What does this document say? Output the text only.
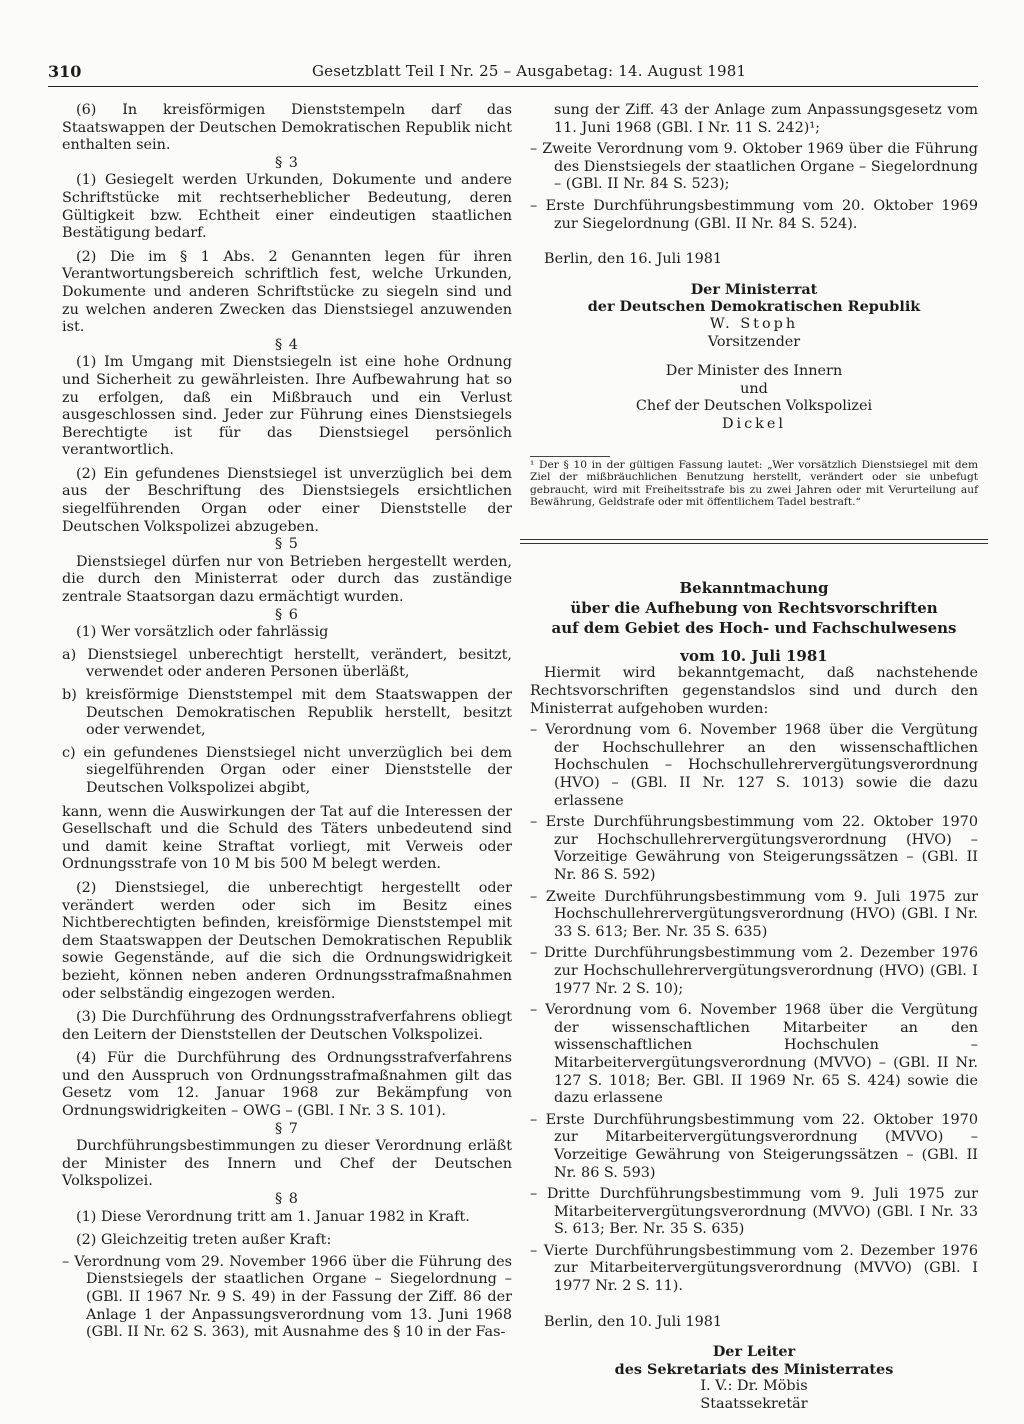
310	Gesetzblatt Teil I Nr. 25 – Ausgabetag: 14. August 1981

(6) In kreisförmigen Dienststempeln darf das Staatswappen der Deutschen Demokratischen Republik nicht enthalten sein.

§ 3

(1) Gesiegelt werden Urkunden, Dokumente und andere Schriftstücke mit rechtserheblicher Bedeutung, deren Gültigkeit bzw. Echtheit einer eindeutigen staatlichen Bestätigung bedarf.

(2) Die im § 1 Abs. 2 Genannten legen für ihren Verantwortungsbereich schriftlich fest, welche Urkunden, Dokumente und anderen Schriftstücke zu siegeln sind und zu welchen anderen Zwecken das Dienstsiegel anzuwenden ist.

§ 4

(1) Im Umgang mit Dienstsiegeln ist eine hohe Ordnung und Sicherheit zu gewährleisten. Ihre Aufbewahrung hat so zu erfolgen, daß ein Mißbrauch und ein Verlust ausgeschlossen sind. Jeder zur Führung eines Dienstsiegels Berechtigte ist für das Dienstsiegel persönlich verantwortlich.

(2) Ein gefundenes Dienstsiegel ist unverzüglich bei dem aus der Beschriftung des Dienstsiegels ersichtlichen siegelführenden Organ oder einer Dienststelle der Deutschen Volkspolizei abzugeben.

§ 5

Dienstsiegel dürfen nur von Betrieben hergestellt werden, die durch den Ministerrat oder durch das zuständige zentrale Staatsorgan dazu ermächtigt wurden.

§ 6

(1) Wer vorsätzlich oder fahrlässig

a) Dienstsiegel unberechtigt herstellt, verändert, besitzt, verwendet oder anderen Personen überläßt,

b) kreisförmige Dienststempel mit dem Staatswappen der Deutschen Demokratischen Republik herstellt, besitzt oder verwendet,

c) ein gefundenes Dienstsiegel nicht unverzüglich bei dem siegelführenden Organ oder einer Dienststelle der Deutschen Volkspolizei abgibt,

kann, wenn die Auswirkungen der Tat auf die Interessen der Gesellschaft und die Schuld des Täters unbedeutend sind und damit keine Straftat vorliegt, mit Verweis oder Ordnungsstrafe von 10 M bis 500 M belegt werden.

(2) Dienstsiegel, die unberechtigt hergestellt oder verändert werden oder sich im Besitz eines Nichtberechtigten befinden, kreisförmige Dienststempel mit dem Staatswappen der Deutschen Demokratischen Republik sowie Gegenstände, auf die sich die Ordnungswidrigkeit bezieht, können neben anderen Ordnungsstrafmaßnahmen oder selbständig eingezogen werden.

(3) Die Durchführung des Ordnungsstrafverfahrens obliegt den Leitern der Dienststellen der Deutschen Volkspolizei.

(4) Für die Durchführung des Ordnungsstrafverfahrens und den Ausspruch von Ordnungsstrafmaßnahmen gilt das Gesetz vom 12. Januar 1968 zur Bekämpfung von Ordnungswidrigkeiten – OWG – (GBl. I Nr. 3 S. 101).

§ 7

Durchführungsbestimmungen zu dieser Verordnung erläßt der Minister des Innern und Chef der Deutschen Volkspolizei.

§ 8

(1) Diese Verordnung tritt am 1. Januar 1982 in Kraft.

(2) Gleichzeitig treten außer Kraft:

– Verordnung vom 29. November 1966 über die Führung des Dienstsiegels der staatlichen Organe – Siegelordnung – (GBl. II 1967 Nr. 9 S. 49) in der Fassung der Ziff. 86 der Anlage 1 der Anpassungsverordnung vom 13. Juni 1968 (GBl. II Nr. 62 S. 363), mit Ausnahme des § 10 in der Fas-

sung der Ziff. 43 der Anlage zum Anpassungsgesetz vom 11. Juni 1968 (GBl. I Nr. 11 S. 242)¹;

– Zweite Verordnung vom 9. Oktober 1969 über die Führung des Dienstsiegels der staatlichen Organe – Siegelordnung – (GBl. II Nr. 84 S. 523);

– Erste Durchführungsbestimmung vom 20. Oktober 1969 zur Siegelordnung (GBl. II Nr. 84 S. 524).

Berlin, den 16. Juli 1981

Der Ministerrat

der Deutschen Demokratischen Republik

W. Stoph

Vorsitzender

Der Minister des Innern

und

Chef der Deutschen Volkspolizei

Dickel

¹ Der § 10 in der gültigen Fassung lautet: „Wer vorsätzlich Dienstsiegel mit dem Ziel der mißbräuchlichen Benutzung herstellt, verändert oder sie unbefugt gebraucht, wird mit Freiheitsstrafe bis zu zwei Jahren oder mit Verurteilung auf Bewährung, Geldstrafe oder mit öffentlichem Tadel bestraft.“

Bekanntmachung

über die Aufhebung von Rechtsvorschriften

auf dem Gebiet des Hoch- und Fachschulwesens

vom 10. Juli 1981

Hiermit wird bekanntgemacht, daß nachstehende Rechtsvorschriften gegenstandslos sind und durch den Ministerrat aufgehoben wurden:

– Verordnung vom 6. November 1968 über die Vergütung der Hochschullehrer an den wissenschaftlichen Hochschulen – Hochschullehrervergütungsverordnung (HVO) – (GBl. II Nr. 127 S. 1013) sowie die dazu erlassene

– Erste Durchführungsbestimmung vom 22. Oktober 1970 zur Hochschullehrervergütungsverordnung (HVO) – Vorzeitige Gewährung von Steigerungssätzen – (GBl. II Nr. 86 S. 592)

– Zweite Durchführungsbestimmung vom 9. Juli 1975 zur Hochschullehrervergütungsverordnung (HVO) (GBl. I Nr. 33 S. 613; Ber. Nr. 35 S. 635)

– Dritte Durchführungsbestimmung vom 2. Dezember 1976 zur Hochschullehrervergütungsverordnung (HVO) (GBl. I 1977 Nr. 2 S. 10);

– Verordnung vom 6. November 1968 über die Vergütung der wissenschaftlichen Mitarbeiter an den wissenschaftlichen Hochschulen – Mitarbeitervergütungsverordnung (MVVO) – (GBl. II Nr. 127 S. 1018; Ber. GBl. II 1969 Nr. 65 S. 424) sowie die dazu erlassene

– Erste Durchführungsbestimmung vom 22. Oktober 1970 zur Mitarbeitervergütungsverordnung (MVVO) – Vorzeitige Gewährung von Steigerungssätzen – (GBl. II Nr. 86 S. 593)

– Dritte Durchführungsbestimmung vom 9. Juli 1975 zur Mitarbeitervergütungsverordnung (MVVO) (GBl. I Nr. 33 S. 613; Ber. Nr. 35 S. 635)

– Vierte Durchführungsbestimmung vom 2. Dezember 1976 zur Mitarbeitervergütungsverordnung (MVVO) (GBl. I 1977 Nr. 2 S. 11).

Berlin, den 10. Juli 1981

Der Leiter

des Sekretariats des Ministerrates

I. V.: Dr. Möbis

Staatssekretär
